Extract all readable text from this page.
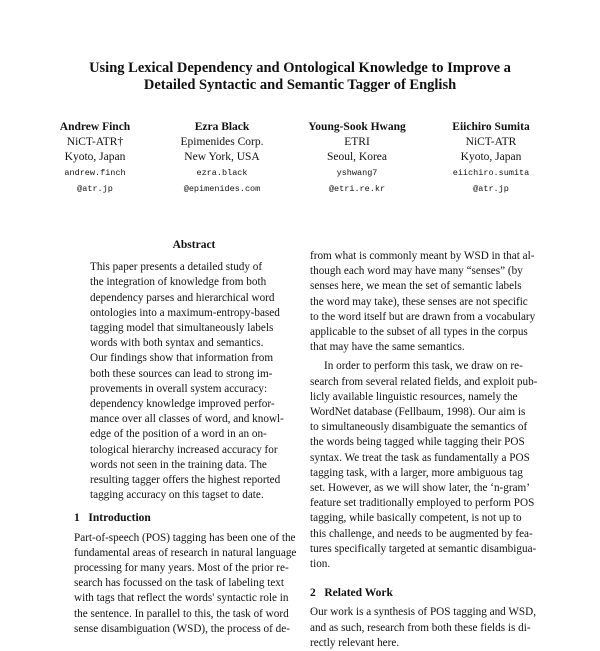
Using Lexical Dependency and Ontological Knowledge to Improve a
Detailed Syntactic and Semantic Tagger of English
Andrew Finch
NiCT-ATR†
Kyoto, Japan
andrew.finch
@atr.jp
Ezra Black
Epimenides Corp.
New York, USA
ezra.black
@epimenides.com
Young-Sook Hwang
ETRI
Seoul, Korea
yshwang7
@etri.re.kr
Eiichiro Sumita
NiCT-ATR
Kyoto, Japan
eiichiro.sumita
@atr.jp
Abstract
This paper presents a detailed study of
the integration of knowledge from both
dependency parses and hierarchical word
ontologies into a maximum-entropy-based
tagging model that simultaneously labels
words with both syntax and semantics.
Our findings show that information from
both these sources can lead to strong im-
provements in overall system accuracy:
dependency knowledge improved perfor-
mance over all classes of word, and knowl-
edge of the position of a word in an on-
tological hierarchy increased accuracy for
words not seen in the training data. The
resulting tagger offers the highest reported
tagging accuracy on this tagset to date.
1   Introduction
Part-of-speech (POS) tagging has been one of the
fundamental areas of research in natural language
processing for many years. Most of the prior re-
search has focussed on the task of labeling text
with tags that reflect the words' syntactic role in
the sentence. In parallel to this, the task of word
sense disambiguation (WSD), the process of de-
from what is commonly meant by WSD in that al-
though each word may have many “senses” (by
senses here, we mean the set of semantic labels
the word may take), these senses are not specific
to the word itself but are drawn from a vocabulary
applicable to the subset of all types in the corpus
that may have the same semantics.
In order to perform this task, we draw on re-
search from several related fields, and exploit pub-
licly available linguistic resources, namely the
WordNet database (Fellbaum, 1998). Our aim is
to simultaneously disambiguate the semantics of
the words being tagged while tagging their POS
syntax. We treat the task as fundamentally a POS
tagging task, with a larger, more ambiguous tag
set. However, as we will show later, the ‘n-gram’
feature set traditionally employed to perform POS
tagging, while basically competent, is not up to
this challenge, and needs to be augmented by fea-
tures specifically targeted at semantic disambigua-
tion.
2   Related Work
Our work is a synthesis of POS tagging and WSD,
and as such, research from both these fields is di-
rectly relevant here.
